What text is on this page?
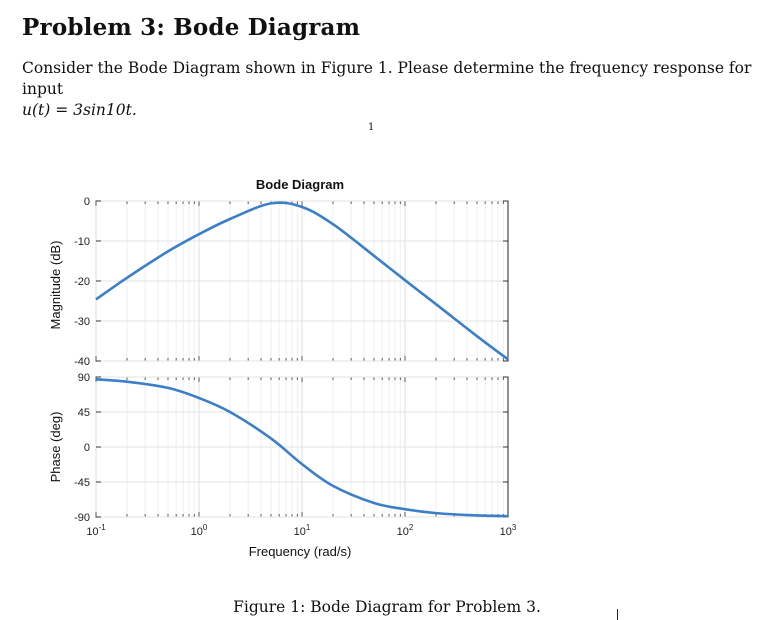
Problem 3: Bode Diagram
Consider the Bode Diagram shown in Figure 1. Please determine the frequency response for input
u(t) = 3sin10t.
1
Bode Diagram
0
-10
-20
-30
-40
90
45
0
-45
-90
$10^{-1}$	$10^0$	$10^1$	$10^2$	$10^3$
Magnitude (dB)
Phase (deg)
Frequency (rad/s)
Figure 1: Bode Diagram for Problem 3.
